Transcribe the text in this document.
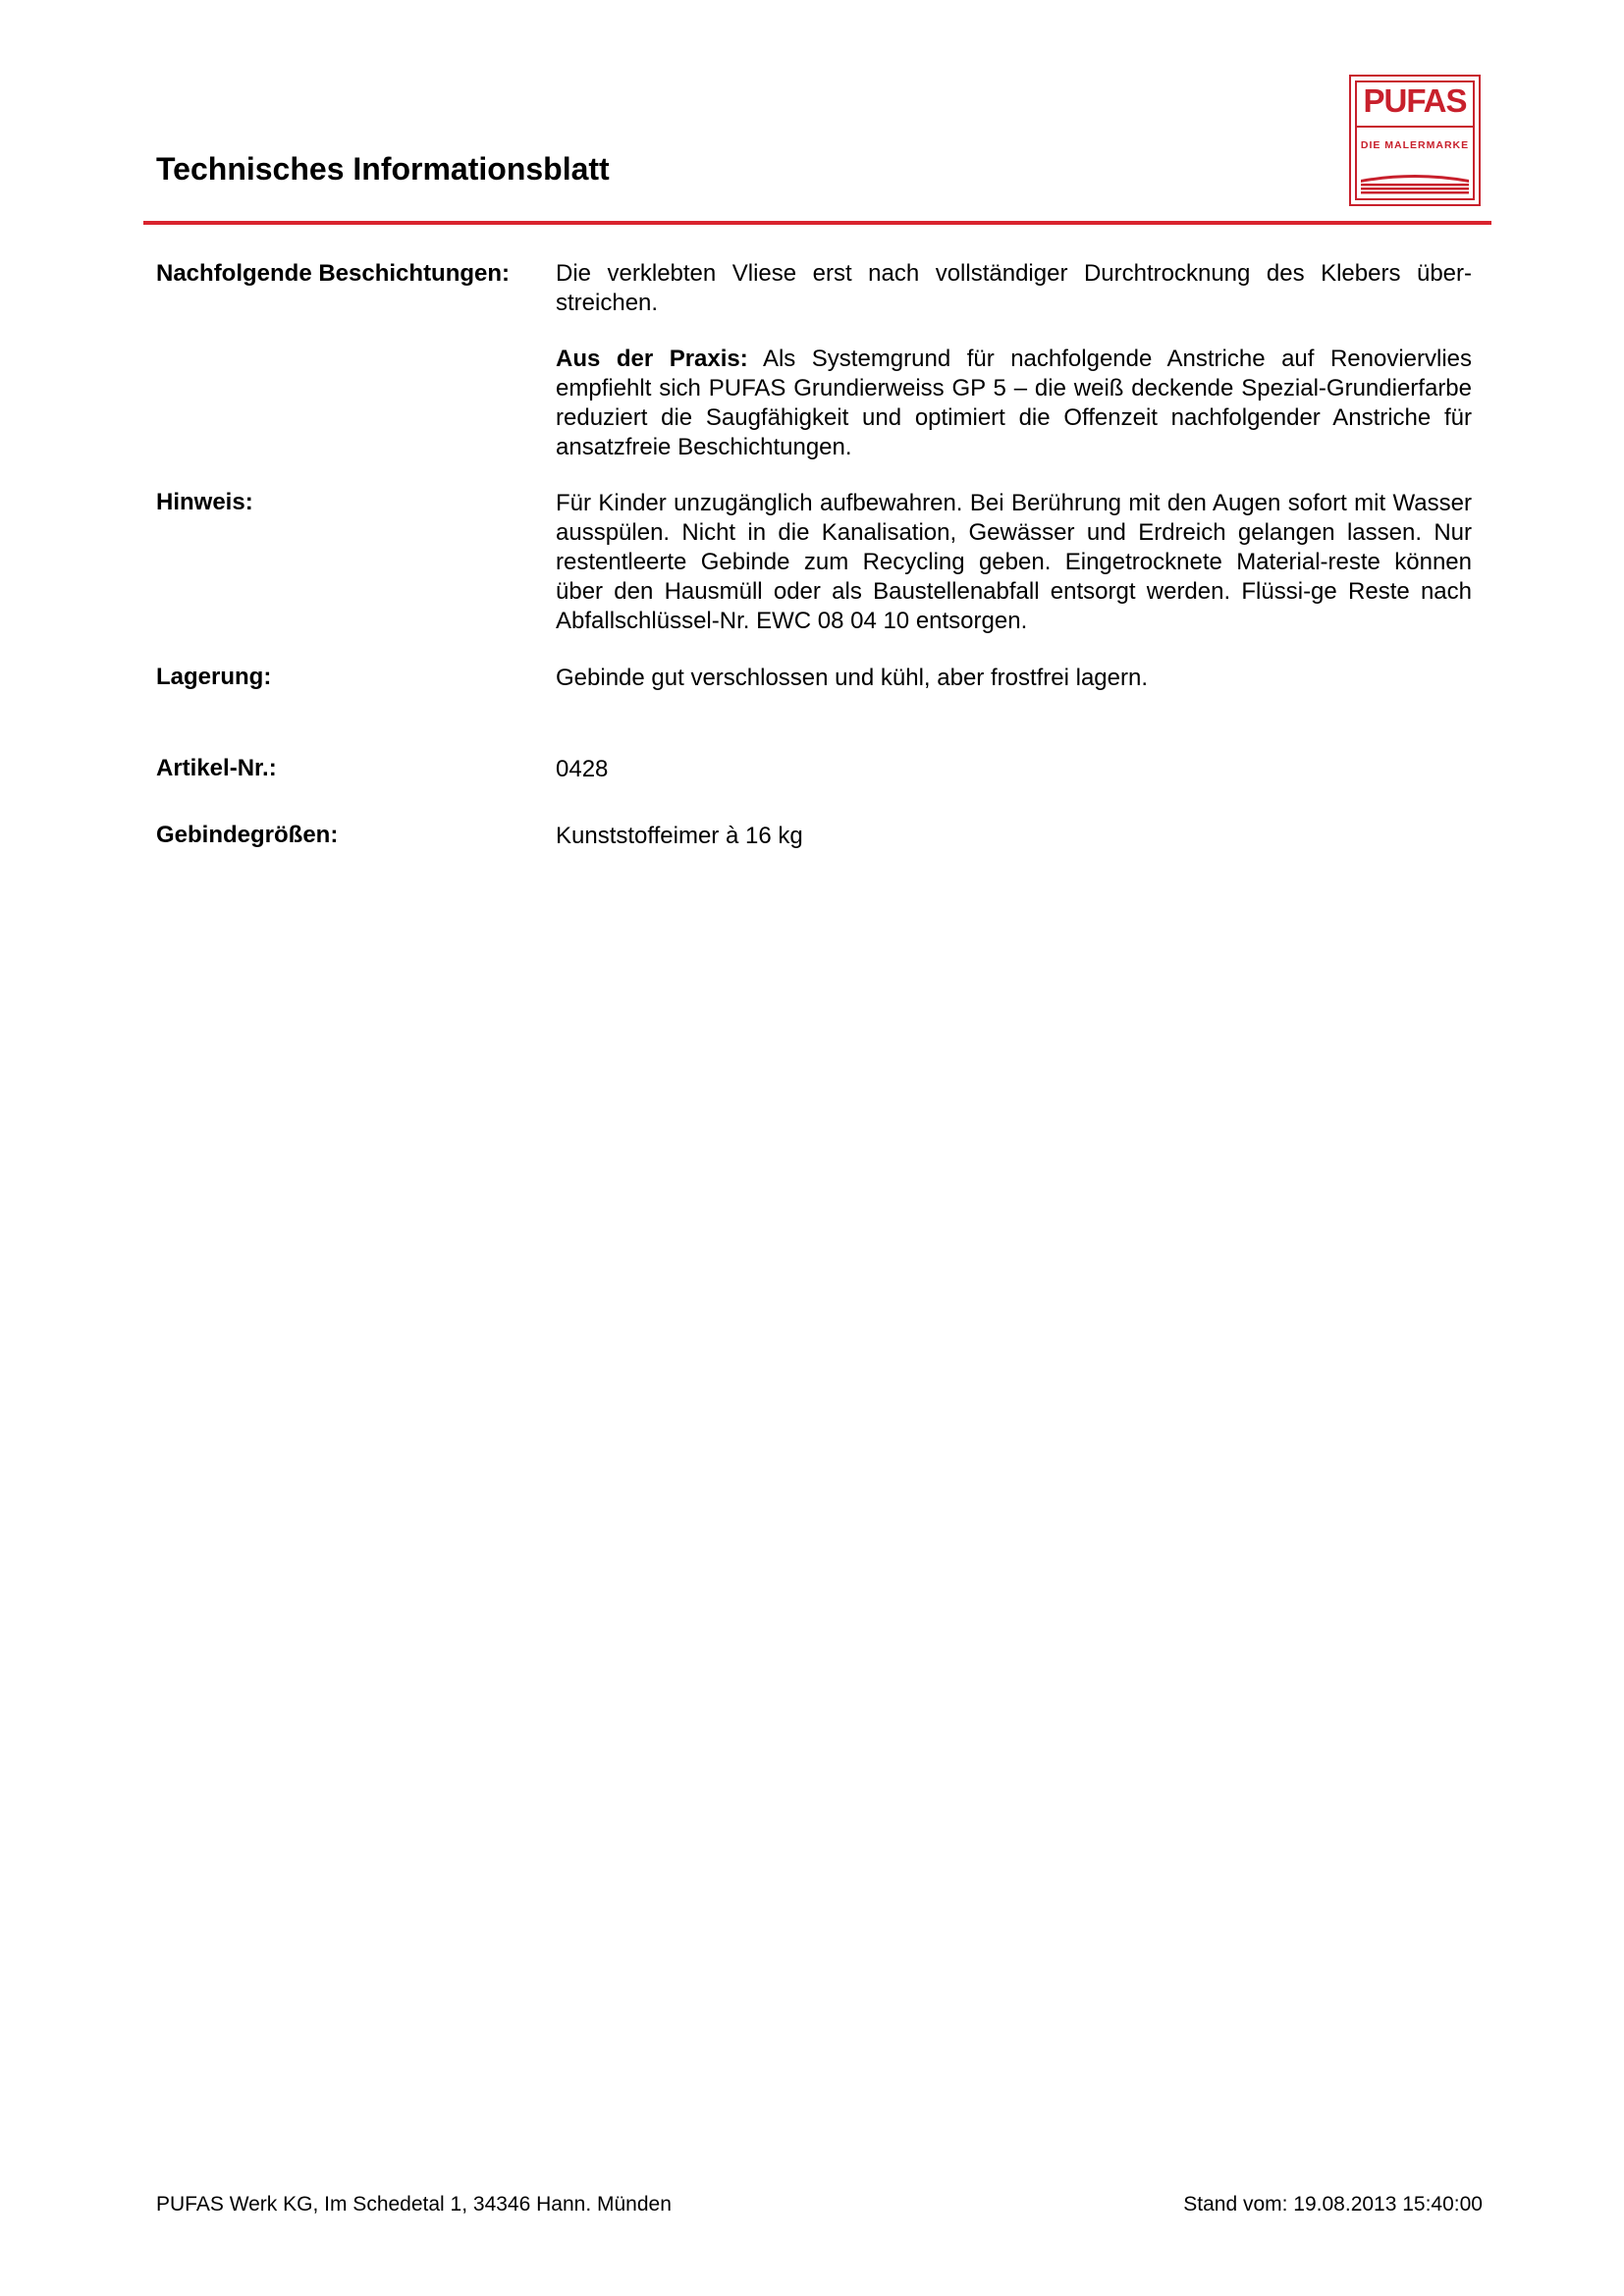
Technisches Informationsblatt
PUFAS
DIE MALERMARKE
Nachfolgende Beschichtungen: Die verklebten Vliese erst nach vollständiger Durchtrocknung des Klebers über-streichen.
Aus der Praxis: Als Systemgrund für nachfolgende Anstriche auf Renoviervlies empfiehlt sich PUFAS Grundierweiss GP 5 – die weiß deckende Spezial-Grundierfarbe reduziert die Saugfähigkeit und optimiert die Offenzeit nachfolgender Anstriche für ansatzfreie Beschichtungen.
Hinweis:	Für Kinder unzugänglich aufbewahren. Bei Berührung mit den Augen sofort mit Wasser ausspülen. Nicht in die Kanalisation, Gewässer und Erdreich gelangen lassen. Nur restentleerte Gebinde zum Recycling geben. Eingetrocknete Material-reste können über den Hausmüll oder als Baustellenabfall entsorgt werden. Flüssi-ge Reste nach Abfallschlüssel-Nr. EWC 08 04 10 entsorgen.
Lagerung:	Gebinde gut verschlossen und kühl, aber frostfrei lagern.
Artikel-Nr.:	0428
Gebindegrößen:	Kunststoffeimer à 16 kg
PUFAS Werk KG, Im Schedetal 1, 34346 Hann. Münden	Stand vom: 19.08.2013 15:40:00
